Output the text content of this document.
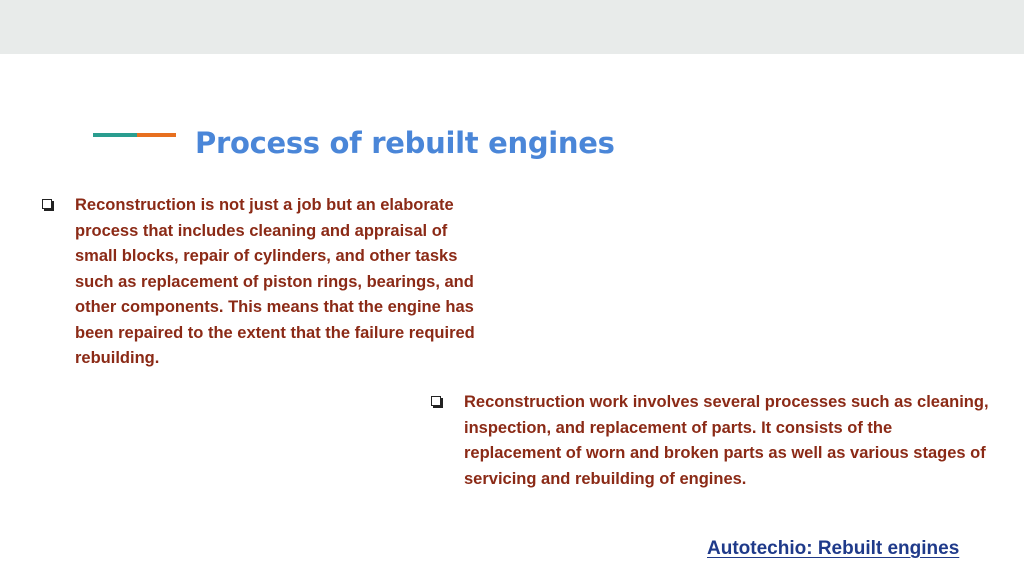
Process of rebuilt engines

Reconstruction is not just a job but an elaborate process that includes cleaning and appraisal of small blocks, repair of cylinders, and other tasks such as replacement of piston rings, bearings, and other components. This means that the engine has been repaired to the extent that the failure required rebuilding.

Reconstruction work involves several processes such as cleaning, inspection, and replacement of parts. It consists of the replacement of worn and broken parts as well as various stages of servicing and rebuilding of engines.

Autotechio: Rebuilt engines
